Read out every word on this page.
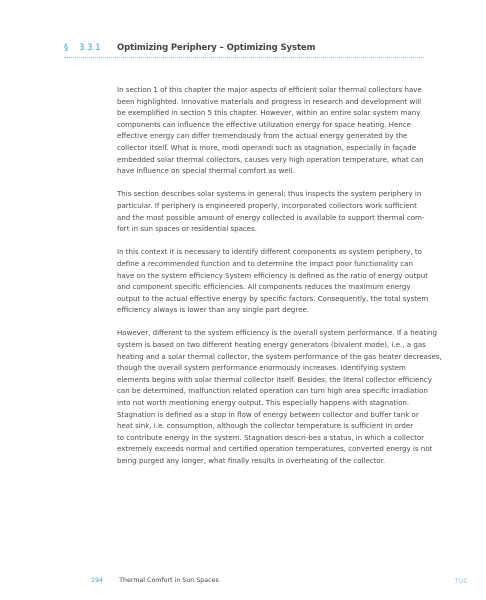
§ 3.3.1 Optimizing Periphery – Optimizing System

In section 1 of this chapter the major aspects of efficient solar thermal collectors have
been highlighted. Innovative materials and progress in research and development will
be exemplified in section 5 this chapter. However, within an entire solar system many
components can influence the effective utilization energy for space heating. Hence
effective energy can differ tremendously from the actual energy generated by the
collector itself. What is more, modi operandi such as stagnation, especially in façade
embedded solar thermal collectors, causes very high operation temperature, what can
have influence on special thermal comfort as well.

This section describes solar systems in general; thus inspects the system periphery in
particular. If periphery is engineered properly, incorporated collectors work sufficient
and the most possible amount of energy collected is available to support thermal com-
fort in sun spaces or residential spaces.

In this context it is necessary to identify different components as system periphery, to
define a recommended function and to determine the impact poor functionality can
have on the system efficiency System efficiency is defined as the ratio of energy output
and component specific efficiencies. All components reduces the maximum energy
output to the actual effective energy by specific factors. Consequently, the total system
efficiency always is lower than any single part degree.

However, different to the system efficiency is the overall system performance. If a heating
system is based on two different heating energy generators (bivalent mode), i.e., a gas
heating and a solar thermal collector, the system performance of the gas heater decreases,
though the overall system performance enormously increases. Identifying system
elements begins with solar thermal collector itself. Besides, the literal collector efficiency
can be determined, malfunction related operation can turn high area specific irradiation
into not worth mentioning energy output. This especially happens with stagnation.
Stagnation is defined as a stop in flow of energy between collector and buffer tank or
heat sink, i.e. consumption, although the collector temperature is sufficient in order
to contribute energy in the system. Stagnation descri-bes a status, in which a collector
extremely exceeds normal and certified operation temperatures, converted energy is not
being purged any longer, what finally results in overheating of the collector.

194	Thermal Comfort in Sun Spaces	TOC
